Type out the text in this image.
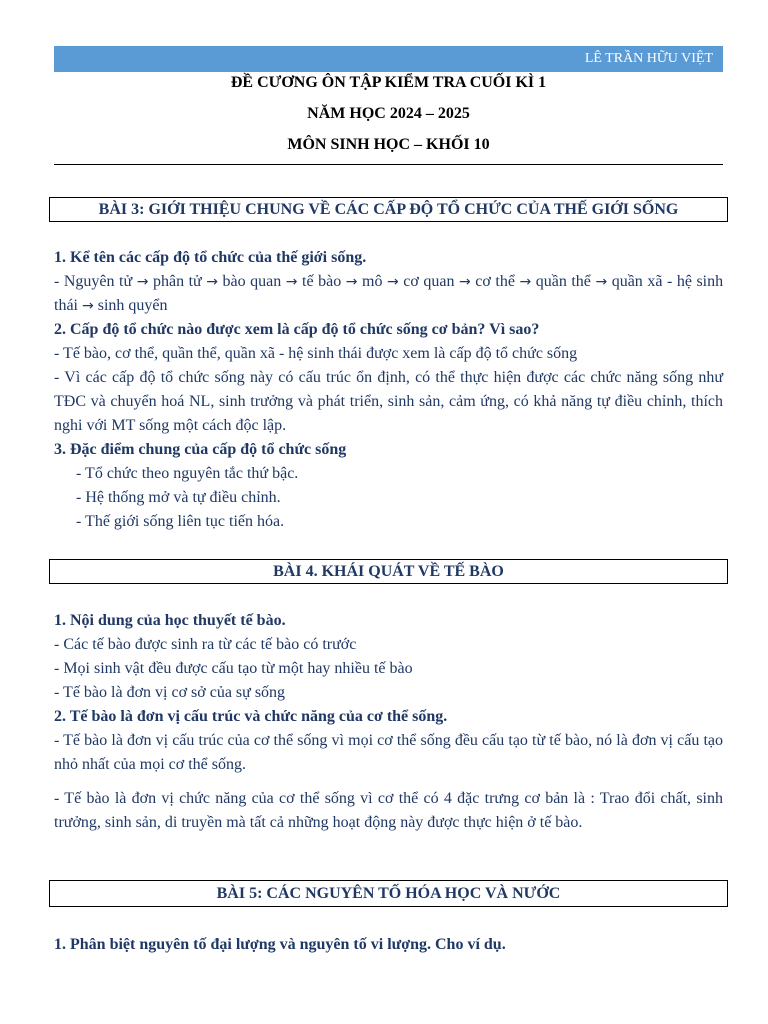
LÊ TRẦN HỮU VIỆT
ĐỀ CƯƠNG ÔN TẬP KIỂM TRA CUỐI KÌ 1
NĂM HỌC 2024 – 2025
MÔN SINH HỌC – KHỐI 10
BÀI 3: GIỚI THIỆU CHUNG VỀ CÁC CẤP ĐỘ TỔ CHỨC CỦA THẾ GIỚI SỐNG

1. Kể tên các cấp độ tổ chức của thế giới sống.

- Nguyên tử → phân tử → bào quan → tế bào → mô → cơ quan → cơ thể → quần thể → quần xã - hệ sinh thái → sinh quyển

2. Cấp độ tổ chức nào được xem là cấp độ tổ chức sống cơ bản? Vì sao?

- Tế bào, cơ thể, quần thể, quần xã - hệ sinh thái được xem là cấp độ tổ chức sống

- Vì các cấp độ tổ chức sống này có cấu trúc ổn định, có thể thực hiện được các chức năng sống như TĐC và chuyển hoá NL, sinh trưởng và phát triển, sinh sản, cảm ứng, có khả năng tự điều chỉnh, thích nghi với MT sống một cách độc lập.

3. Đặc điểm chung của cấp độ tổ chức sống

- Tổ chức theo nguyên tắc thứ bậc.

- Hệ thống mở và tự điều chỉnh.

- Thế giới sống liên tục tiến hóa.

BÀI 4. KHÁI QUÁT VỀ TẾ BÀO

1. Nội dung của học thuyết tế bào.

- Các tế bào được sinh ra từ các tế bào có trước

- Mọi sinh vật đều được cấu tạo từ một hay nhiều tế bào

- Tế bào là đơn vị cơ sở của sự sống

2. Tế bào là đơn vị cấu trúc và chức năng của cơ thể sống.

- Tế bào là đơn vị cấu trúc của cơ thể sống vì mọi cơ thể sống đều cấu tạo từ tế bào, nó là đơn vị cấu tạo nhỏ nhất của mọi cơ thể sống.

- Tế bào là đơn vị chức năng của cơ thể sống vì cơ thể có 4 đặc trưng cơ bản là : Trao đổi chất, sinh trưởng, sinh sản, di truyền mà tất cả những hoạt động này được thực hiện ở tế bào.

BÀI 5: CÁC NGUYÊN TỐ HÓA HỌC VÀ NƯỚC

1. Phân biệt nguyên tố đại lượng và nguyên tố vi lượng. Cho ví dụ.
